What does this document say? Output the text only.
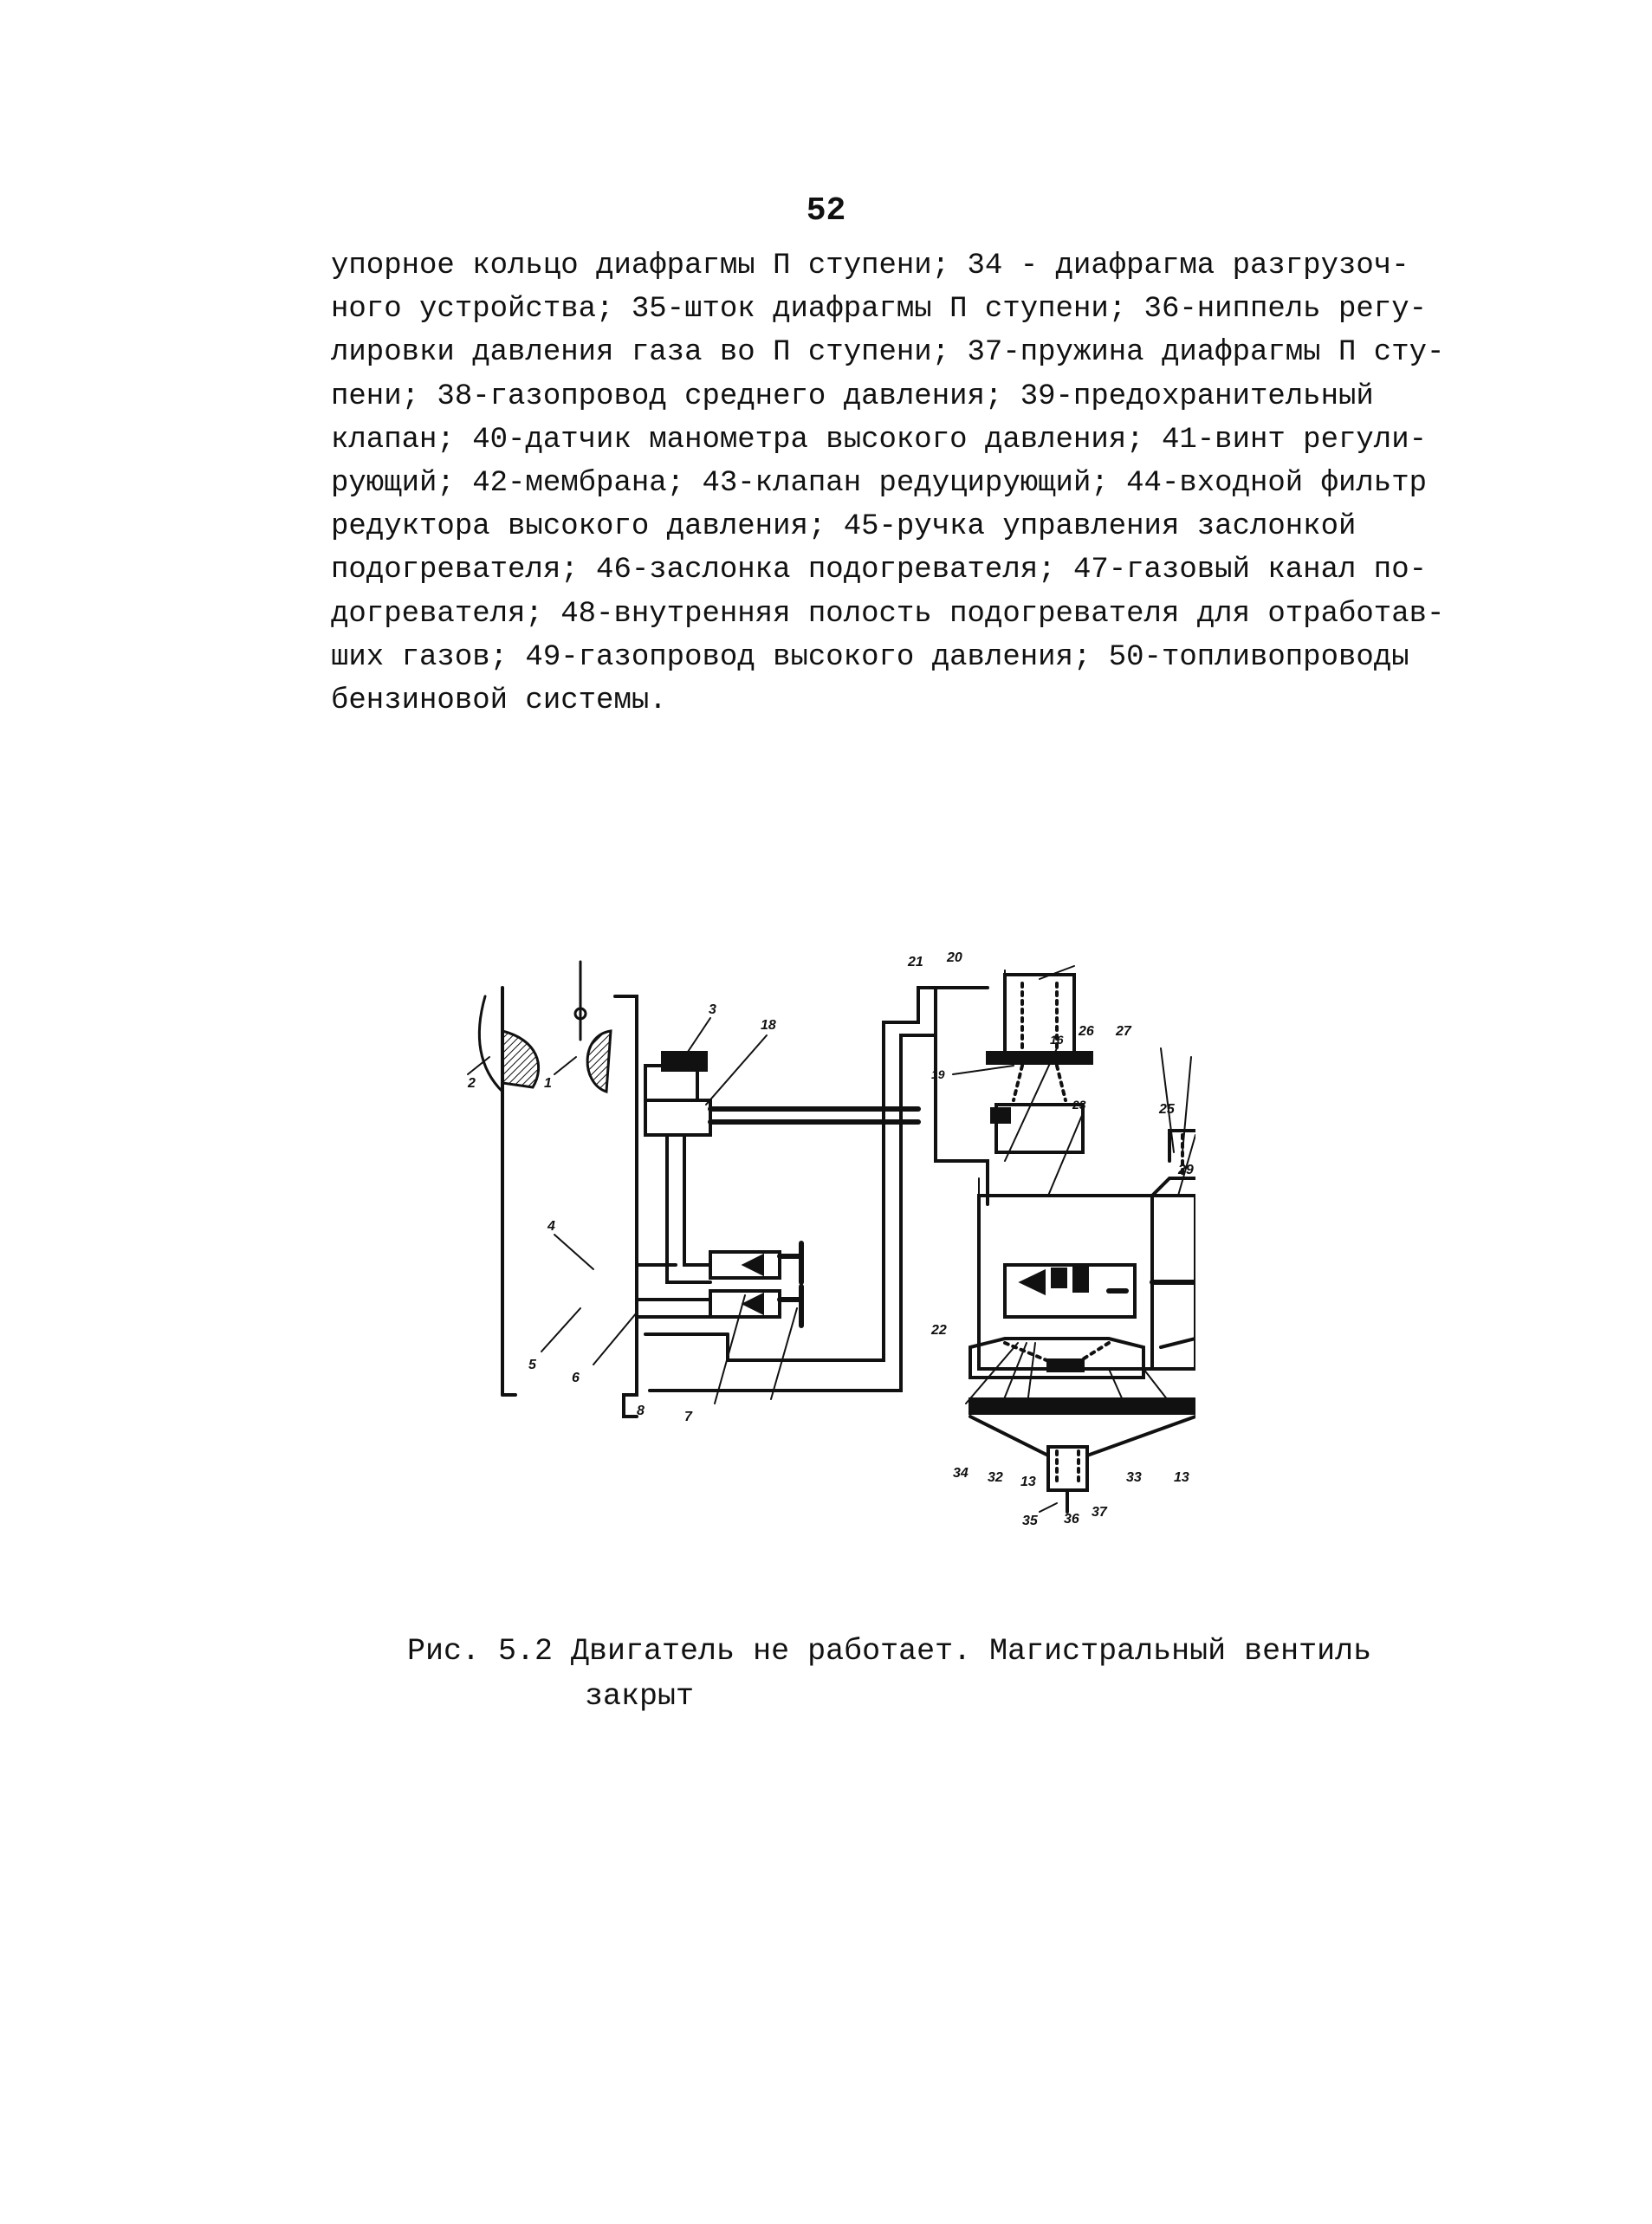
52

упорное кольцо диафрагмы П ступени; 34 - диафрагма разгрузоч-
ного устройства; 35-шток диафрагмы П ступени; 36-ниппель регу-
лировки давления газа во П ступени; 37-пружина диафрагмы П сту-
пени; 38-газопровод среднего давления; 39-предохранительный
клапан; 40-датчик манометра высокого давления; 41-винт регули-
рующий; 42-мембрана; 43-клапан редуцирующий; 44-входной фильтр
редуктора высокого давления; 45-ручка управления заслонкой
подогревателя; 46-заслонка подогревателя; 47-газовый канал по-
догревателя; 48-внутренняя полость подогревателя для отработав-
ших газов; 49-газопровод высокого давления; 50-топливопроводы
бензиновой системы.

2	1
3
18
4
5
6
8	7
21 20
19
16
23
26 27
25
29
22
34 32 13	33 13
35 36 37
Рис. 5.2 Двигатель не работает. Магистральный вентиль
закрыт
